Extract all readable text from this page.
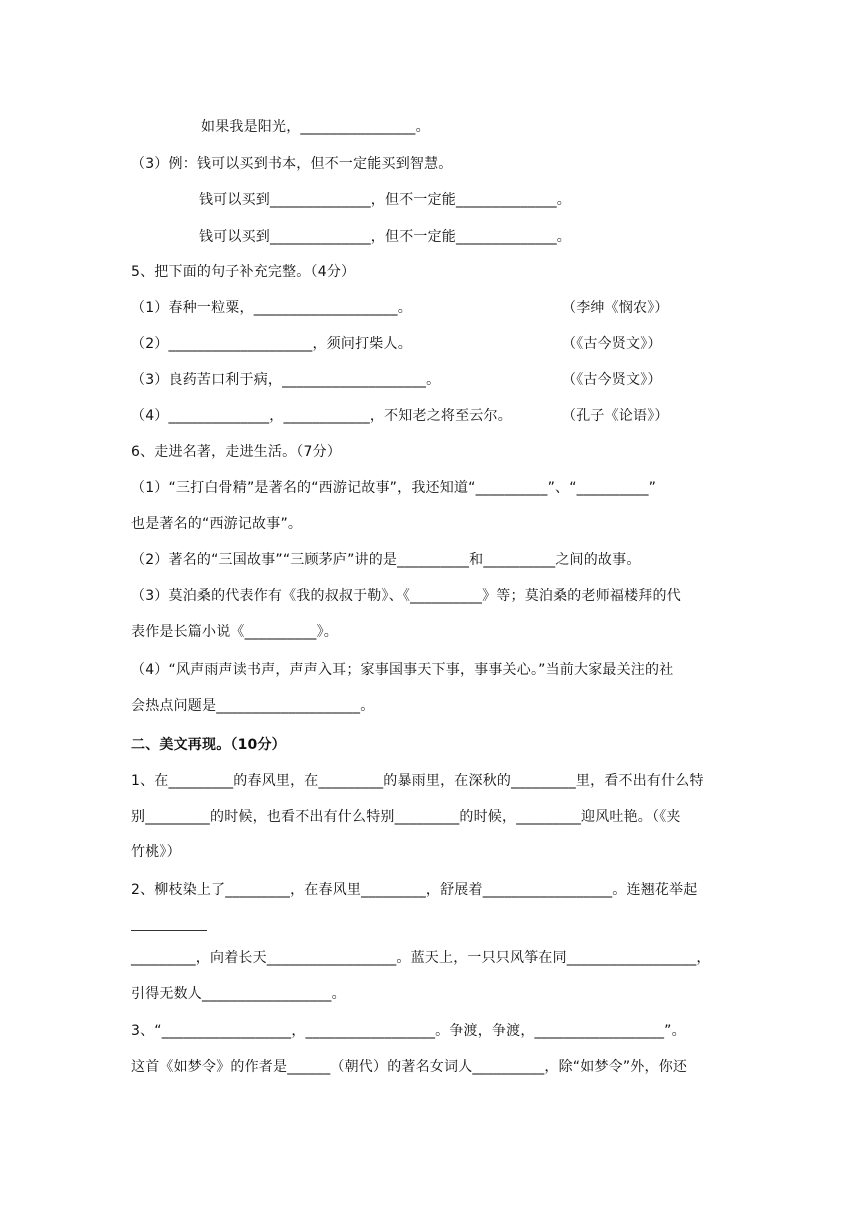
如果我是阳光，________________。
（3）例：钱可以买到书本，但不一定能买到智慧。
钱可以买到______________，但不一定能______________。
钱可以买到______________，但不一定能______________。
5、把下面的句子补充完整。（4分）
（1）春种一粒粟，____________________。	（李绅《悯农》）
（2）____________________，须问打柴人。	（《古今贤文》）
（3）良药苦口利于病，____________________。	（《古今贤文》）
（4）______________，____________，不知老之将至云尔。	（孔子《论语》）
6、走进名著，走进生活。（7分）
（1）“三打白骨精”是著名的“西游记故事”，我还知道“__________”、“__________”
也是著名的“西游记故事”。
（2）著名的“三国故事”“三顾茅庐”讲的是__________和__________之间的故事。
（3）莫泊桑的代表作有《我的叔叔于勒》、《__________》等；莫泊桑的老师福楼拜的代
表作是长篇小说《__________》。
（4）“风声雨声读书声，声声入耳；家事国事天下事，事事关心。”当前大家最关注的社
会热点问题是____________________。
二、美文再现。（10分）
1、在_________的春风里，在_________的暴雨里，在深秋的_________里，看不出有什么特
别_________的时候，也看不出有什么特别_________的时候，_________迎风吐艳。（《夹
竹桃》）
2、柳枝染上了_________，在春风里_________，舒展着__________________。连翘花举起
_________，向着长天__________________。蓝天上，一只只风筝在同__________________，
引得无数人__________________。
3、“__________________，__________________。争渡，争渡，__________________”。
这首《如梦令》的作者是______（朝代）的著名女词人__________，除“如梦令”外，你还
